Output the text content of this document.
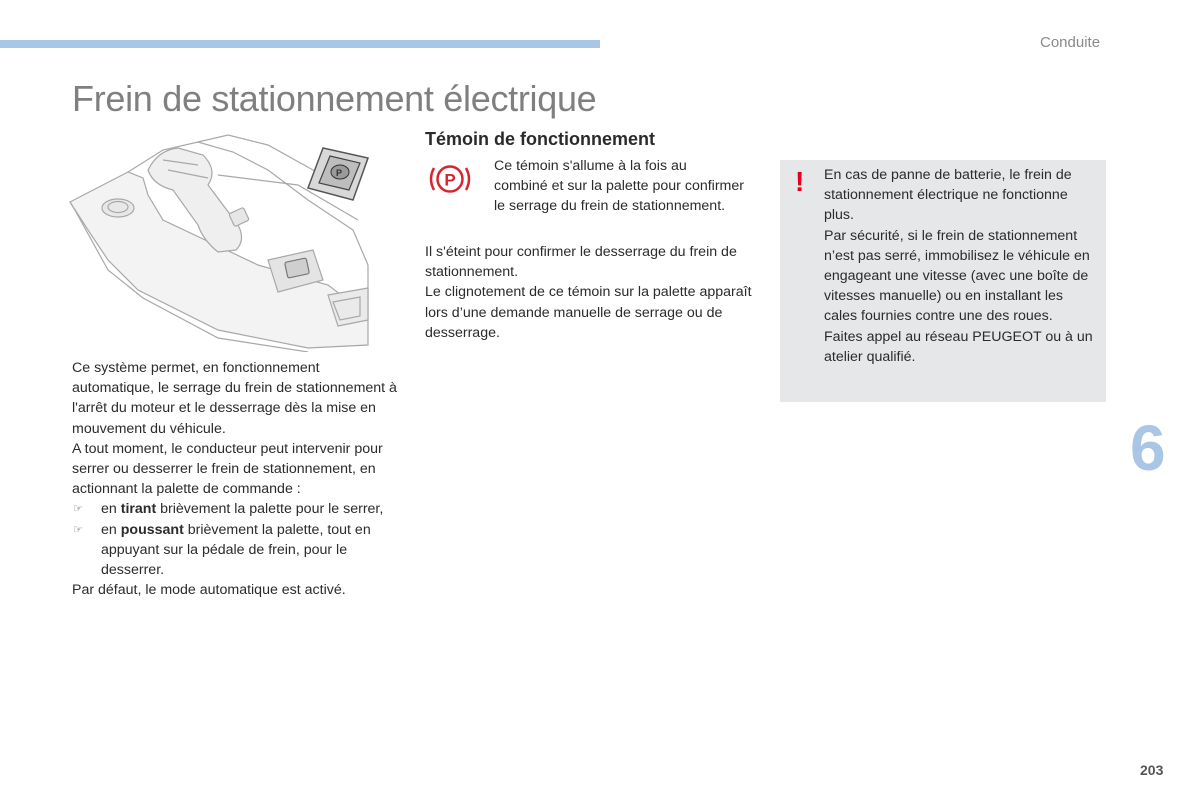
Conduite
Frein de stationnement électrique
P

Ce système permet, en fonctionnement automatique, le serrage du frein de stationnement à l'arrêt du moteur et le desserrage dès la mise en mouvement du véhicule.

A tout moment, le conducteur peut intervenir pour serrer ou desserrer le frein de stationnement, en actionnant la palette de commande :

☞ en tirant brièvement la palette pour le serrer,
☞ en poussant brièvement la palette, tout en appuyant sur la pédale de frein, pour le desserrer.

Par défaut, le mode automatique est activé.

Témoin de fonctionnement
P
Ce témoin s'allume à la fois au combiné et sur la palette pour confirmer le serrage du frein de stationnement.

Il s'éteint pour confirmer le desserrage du frein de stationnement.

Le clignotement de ce témoin sur la palette apparaît lors d’une demande manuelle de serrage ou de desserrage.

! En cas de panne de batterie, le frein de stationnement électrique ne fonctionne plus.

Par sécurité, si le frein de stationnement n’est pas serré, immobilisez le véhicule en engageant une vitesse (avec une boîte de vitesses manuelle) ou en installant les cales fournies contre une des roues.

Faites appel au réseau PEUGEOT ou à un atelier qualifié.

6
203
